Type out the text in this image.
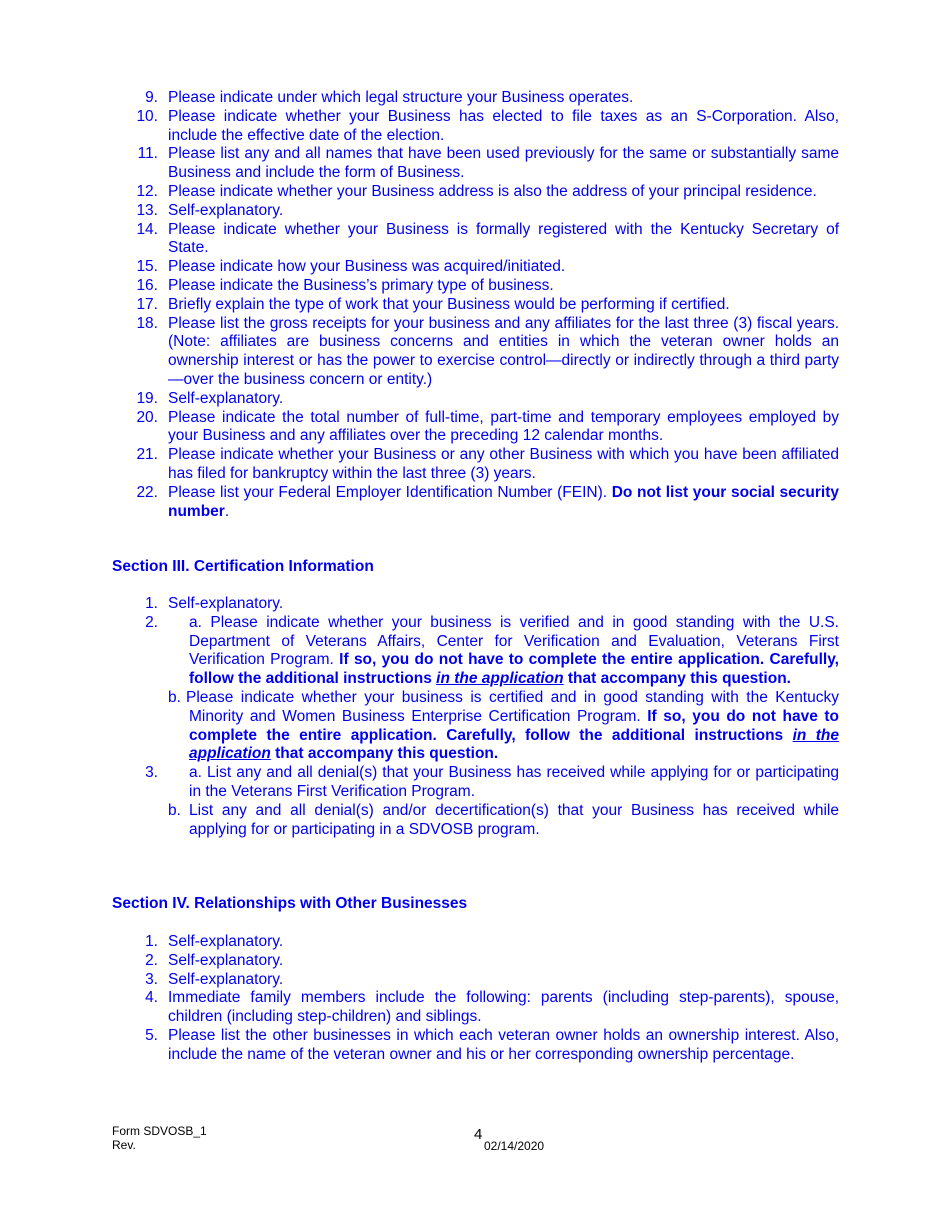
9. Please indicate under which legal structure your Business operates.
10. Please indicate whether your Business has elected to file taxes as an S-Corporation. Also, include the effective date of the election.
11. Please list any and all names that have been used previously for the same or substantially same Business and include the form of Business.
12. Please indicate whether your Business address is also the address of your principal residence.
13. Self-explanatory.
14. Please indicate whether your Business is formally registered with the Kentucky Secretary of State.
15. Please indicate how your Business was acquired/initiated.
16. Please indicate the Business’s primary type of business.
17. Briefly explain the type of work that your Business would be performing if certified.
18. Please list the gross receipts for your business and any affiliates for the last three (3) fiscal years. (Note: affiliates are business concerns and entities in which the veteran owner holds an ownership interest or has the power to exercise control—directly or indirectly through a third party—over the business concern or entity.)
19. Self-explanatory.
20. Please indicate the total number of full-time, part-time and temporary employees employed by your Business and any affiliates over the preceding 12 calendar months.
21. Please indicate whether your Business or any other Business with which you have been affiliated has filed for bankruptcy within the last three (3) years.
22. Please list your Federal Employer Identification Number (FEIN). Do not list your social security number.
Section III. Certification Information
1. Self-explanatory.
2. a. Please indicate whether your business is verified and in good standing with the U.S. Department of Veterans Affairs, Center for Verification and Evaluation, Veterans First Verification Program. If so, you do not have to complete the entire application. Carefully, follow the additional instructions in the application that accompany this question.
b. Please indicate whether your business is certified and in good standing with the Kentucky Minority and Women Business Enterprise Certification Program. If so, you do not have to complete the entire application. Carefully, follow the additional instructions in the application that accompany this question.
3. a. List any and all denial(s) that your Business has received while applying for or participating in the Veterans First Verification Program.
b. List any and all denial(s) and/or decertification(s) that your Business has received while applying for or participating in a SDVOSB program.
Section IV. Relationships with Other Businesses
1. Self-explanatory.
2. Self-explanatory.
3. Self-explanatory.
4. Immediate family members include the following: parents (including step-parents), spouse, children (including step-children) and siblings.
5. Please list the other businesses in which each veteran owner holds an ownership interest. Also, include the name of the veteran owner and his or her corresponding ownership percentage.
Form SDVOSB_1
Rev.
4
02/14/2020
